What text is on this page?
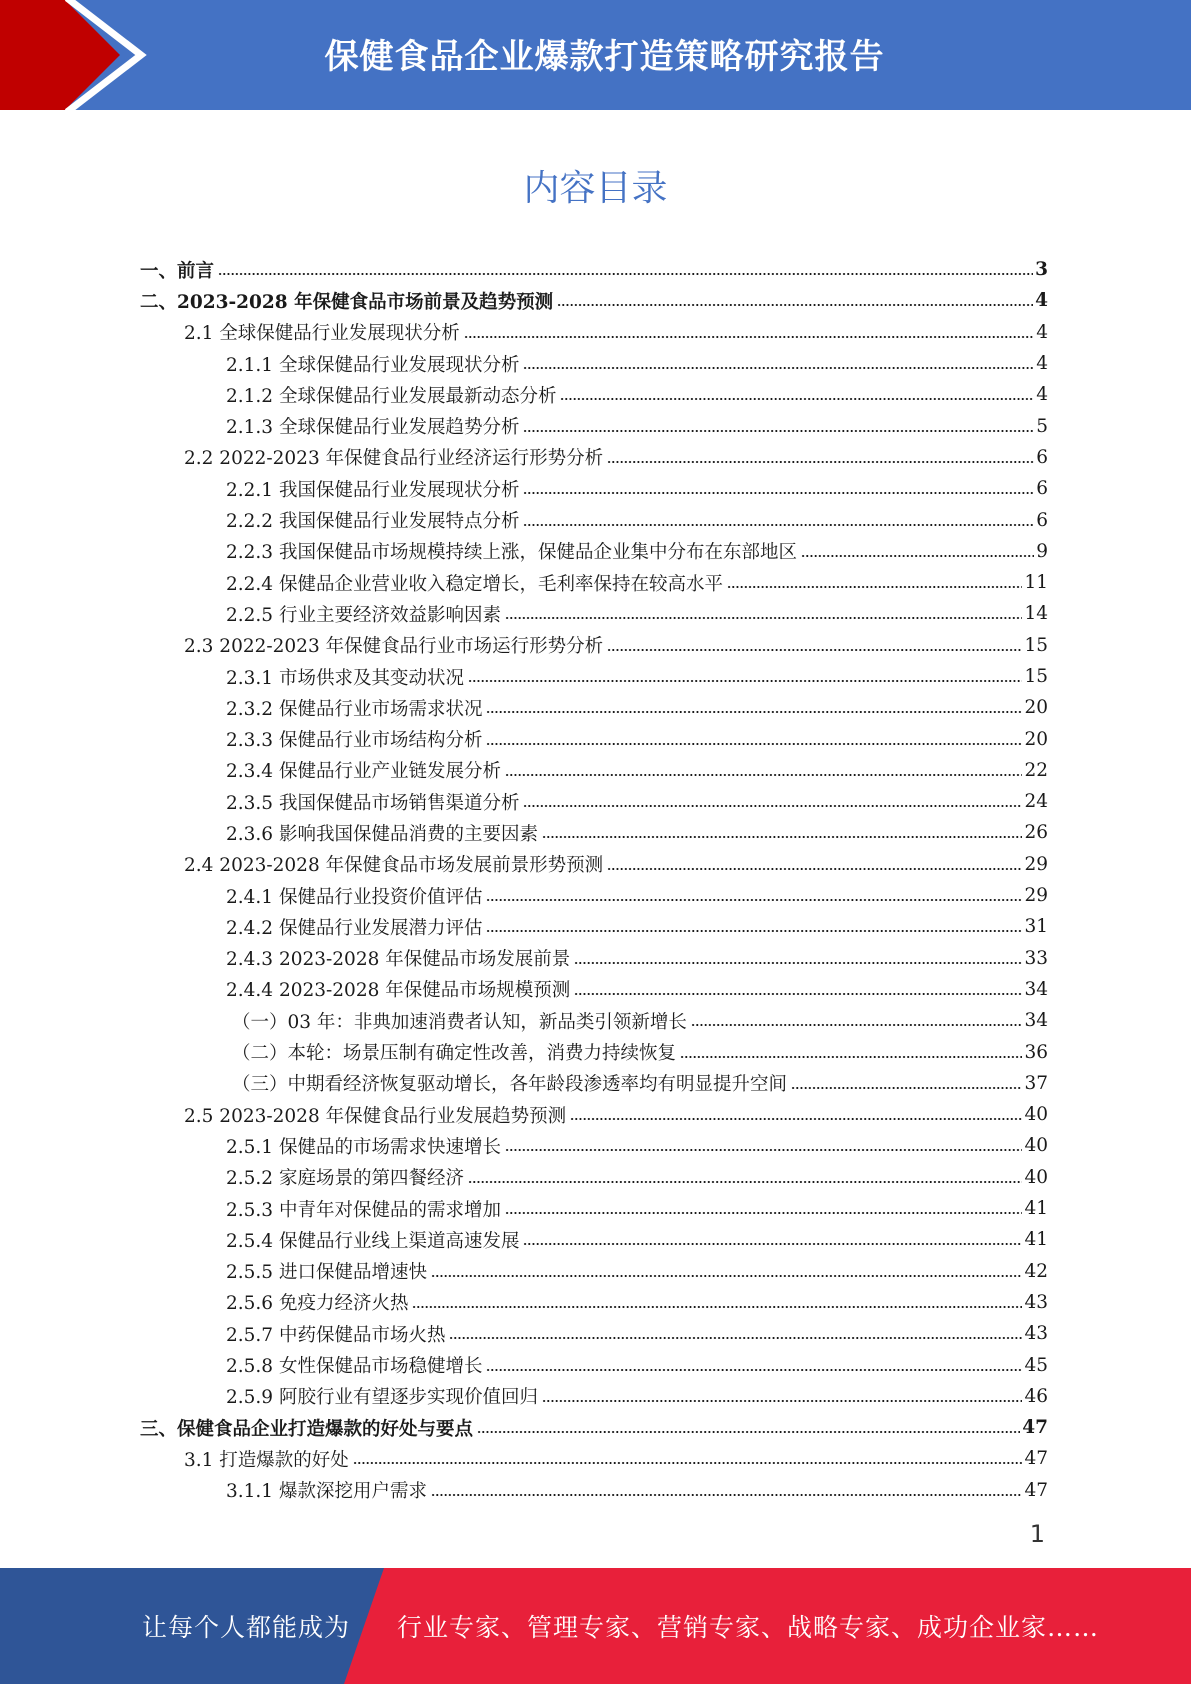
保健食品企业爆款打造策略研究报告
内容目录
一、前言	3
二、2023-2028 年保健食品市场前景及趋势预测	4
2.1 全球保健品行业发展现状分析	4
2.1.1 全球保健品行业发展现状分析	4
2.1.2 全球保健品行业发展最新动态分析	4
2.1.3 全球保健品行业发展趋势分析	5
2.2 2022-2023 年保健食品行业经济运行形势分析	6
2.2.1 我国保健品行业发展现状分析	6
2.2.2 我国保健品行业发展特点分析	6
2.2.3 我国保健品市场规模持续上涨，保健品企业集中分布在东部地区	9
2.2.4 保健品企业营业收入稳定增长，毛利率保持在较高水平	11
2.2.5 行业主要经济效益影响因素	14
2.3 2022-2023 年保健食品行业市场运行形势分析	15
2.3.1 市场供求及其变动状况	15
2.3.2 保健品行业市场需求状况	20
2.3.3 保健品行业市场结构分析	20
2.3.4 保健品行业产业链发展分析	22
2.3.5 我国保健品市场销售渠道分析	24
2.3.6 影响我国保健品消费的主要因素	26
2.4 2023-2028 年保健食品市场发展前景形势预测	29
2.4.1 保健品行业投资价值评估	29
2.4.2 保健品行业发展潜力评估	31
2.4.3 2023-2028 年保健品市场发展前景	33
2.4.4 2023-2028 年保健品市场规模预测	34
（一）03 年：非典加速消费者认知，新品类引领新增长	34
（二）本轮：场景压制有确定性改善，消费力持续恢复	36
（三）中期看经济恢复驱动增长，各年龄段渗透率均有明显提升空间	37
2.5 2023-2028 年保健食品行业发展趋势预测	40
2.5.1 保健品的市场需求快速增长	40
2.5.2 家庭场景的第四餐经济	40
2.5.3 中青年对保健品的需求增加	41
2.5.4 保健品行业线上渠道高速发展	41
2.5.5 进口保健品增速快	42
2.5.6 免疫力经济火热	43
2.5.7 中药保健品市场火热	43
2.5.8 女性保健品市场稳健增长	45
2.5.9 阿胶行业有望逐步实现价值回归	46
三、保健食品企业打造爆款的好处与要点	47
3.1 打造爆款的好处	47
3.1.1 爆款深挖用户需求	47
1
让每个人都能成为 行业专家、管理专家、营销专家、战略专家、成功企业家……
